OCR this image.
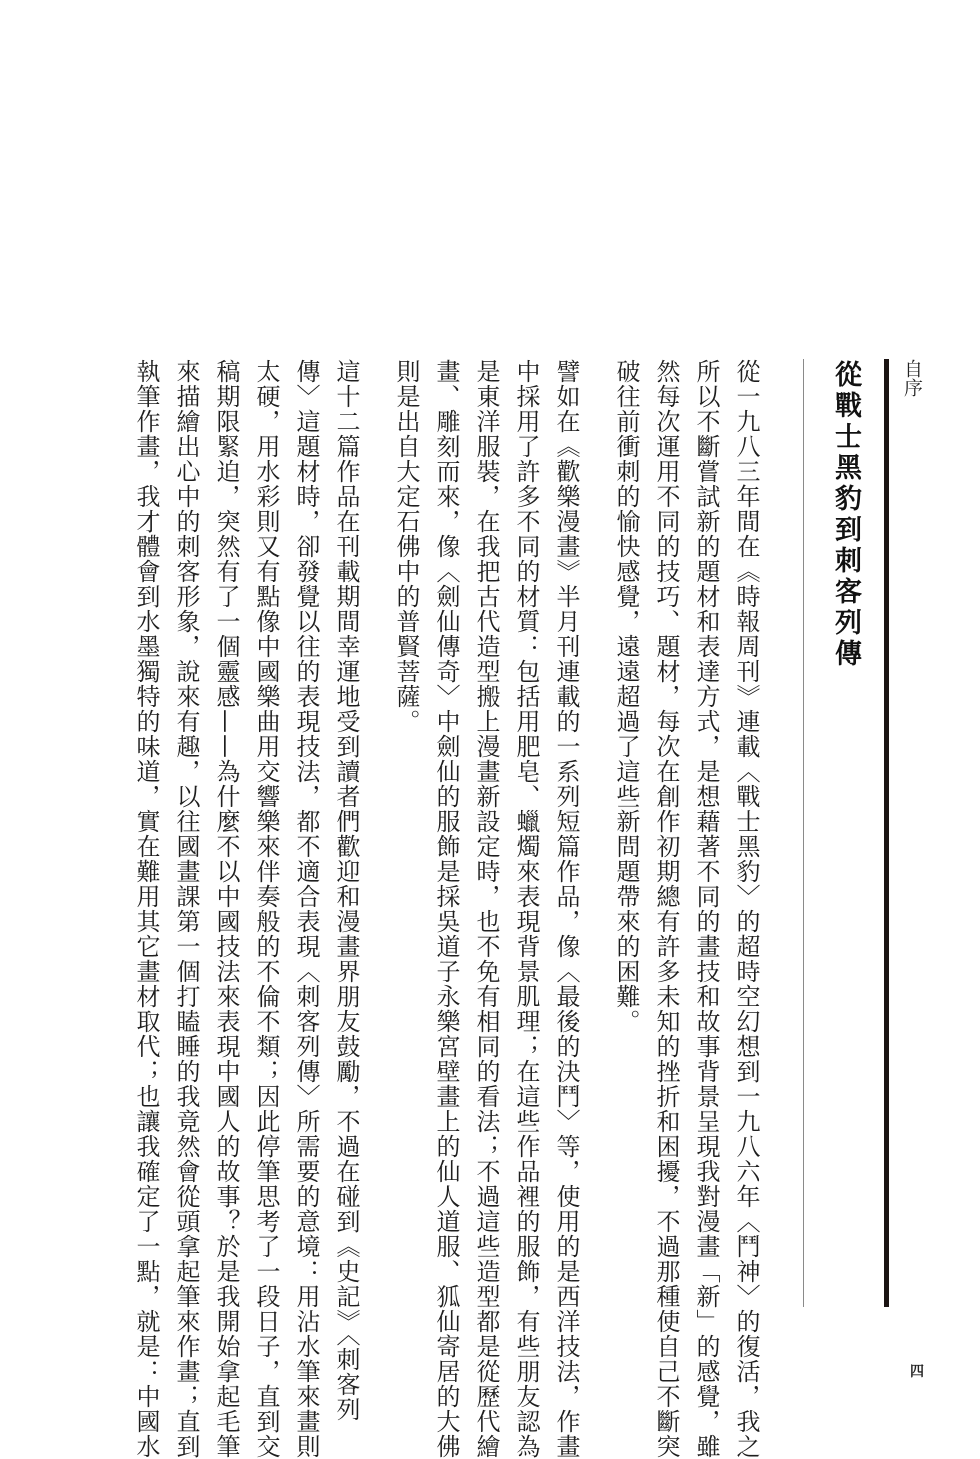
自序
從戰士黑豹到刺客列傳

從一九八三年間在《時報周刊》連載〈戰士黑豹〉的超時空幻想到一九八六年〈鬥神〉的復活，我之
所以不斷嘗試新的題材和表達方式，是想藉著不同的畫技和故事背景呈現我對漫畫「新」的感覺，雖
然每次運用不同的技巧、題材，每次在創作初期總有許多未知的挫折和困擾，不過那種使自己不斷突
破往前衝刺的愉快感覺，遠遠超過了這些新問題帶來的困難。

譬如在《歡樂漫畫》半月刊連載的一系列短篇作品，像〈最後的決鬥〉等，使用的是西洋技法，作畫
中採用了許多不同的材質：包括用肥皂、蠟燭來表現背景肌理；在這些作品裡的服飾，有些朋友認為
是東洋服裝，在我把古代造型搬上漫畫新設定時，也不免有相同的看法；不過這些造型都是從歷代繪
畫、雕刻而來，像〈劍仙傳奇〉中劍仙的服飾是採吳道子永樂宮壁畫上的仙人道服、狐仙寄居的大佛
則是出自大定石佛中的普賢菩薩。

這十二篇作品在刊載期間幸運地受到讀者們歡迎和漫畫界朋友鼓勵，不過在碰到《史記》〈刺客列
傳〉這題材時，卻發覺以往的表現技法，都不適合表現〈刺客列傳〉所需要的意境：用沾水筆來畫則
太硬，用水彩則又有點像中國樂曲用交響樂來伴奏般的不倫不類；因此停筆思考了一段日子，直到交
稿期限緊迫，突然有了一個靈感——為什麼不以中國技法來表現中國人的故事？於是我開始拿起毛筆
來描繪出心中的刺客形象，說來有趣，以往國畫課第一個打瞌睡的我竟然會從頭拿起筆來作畫；直到
執筆作畫，我才體會到水墨獨特的味道，實在難用其它畫材取代；也讓我確定了一點，就是：中國水	四
